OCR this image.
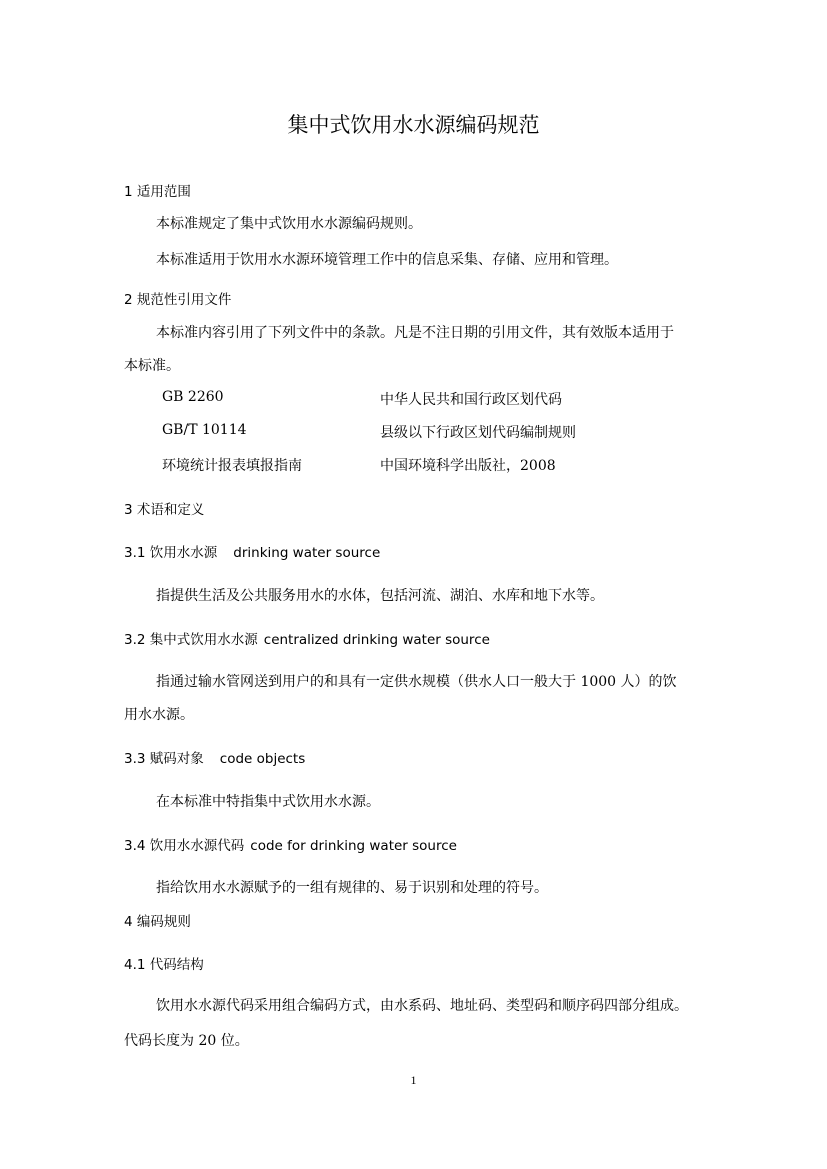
集中式饮用水水源编码规范
1 适用范围
本标准规定了集中式饮用水水源编码规则。
本标准适用于饮用水水源环境管理工作中的信息采集、存储、应用和管理。
2 规范性引用文件
本标准内容引用了下列文件中的条款。凡是不注日期的引用文件，其有效版本适用于
本标准。
GB 2260	中华人民共和国行政区划代码
GB/T 10114	县级以下行政区划代码编制规则
环境统计报表填报指南	中国环境科学出版社，2008
3 术语和定义
3.1 饮用水水源 drinking water source
指提供生活及公共服务用水的水体，包括河流、湖泊、水库和地下水等。
3.2 集中式饮用水水源 centralized drinking water source
指通过输水管网送到用户的和具有一定供水规模（供水人口一般大于 1000 人）的饮
用水水源。
3.3 赋码对象 code objects
在本标准中特指集中式饮用水水源。
3.4 饮用水水源代码 code for drinking water source
指给饮用水水源赋予的一组有规律的、易于识别和处理的符号。
4 编码规则
4.1 代码结构
饮用水水源代码采用组合编码方式，由水系码、地址码、类型码和顺序码四部分组成。
代码长度为 20 位。
1
